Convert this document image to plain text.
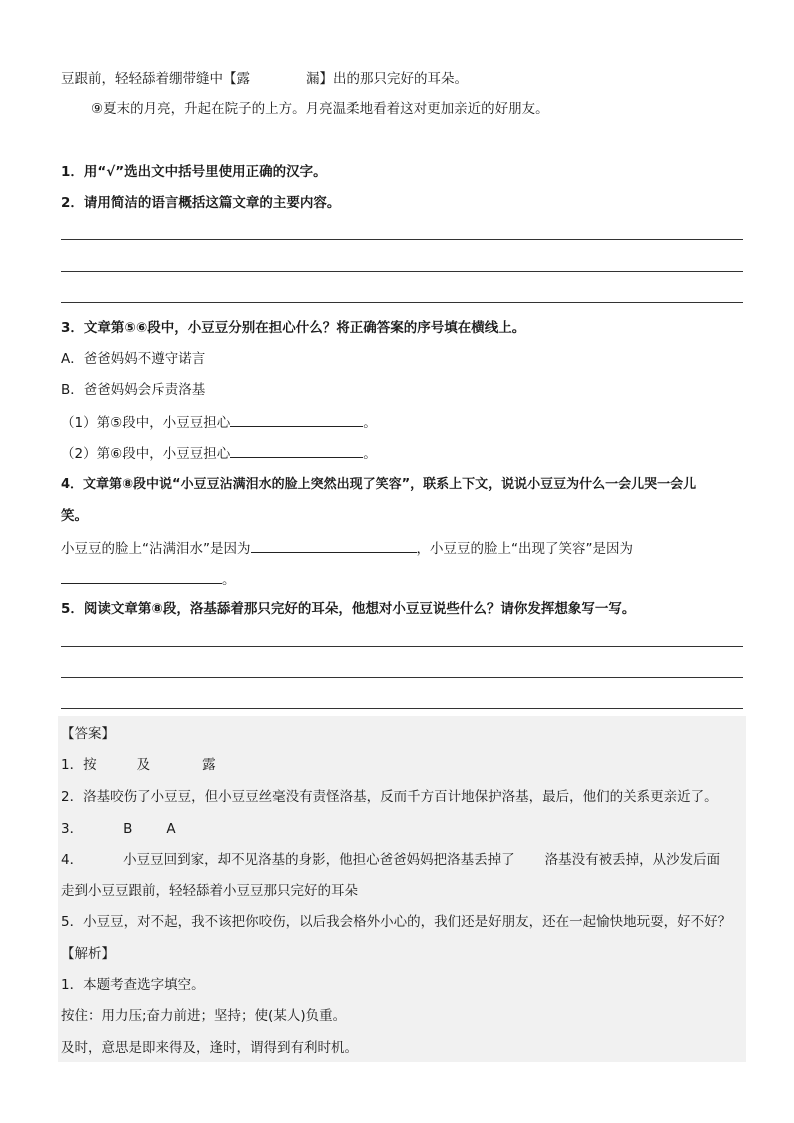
豆跟前，轻轻舔着绷带缝中【露	漏】出的那只完好的耳朵。
⑨夏末的月亮，升起在院子的上方。月亮温柔地看着这对更加亲近的好朋友。
1．用“√”选出文中括号里使用正确的汉字。
2．请用简洁的语言概括这篇文章的主要内容。
3．文章第⑤⑥段中，小豆豆分别在担心什么？将正确答案的序号填在横线上。
A．爸爸妈妈不遵守诺言
B．爸爸妈妈会斥责洛基
（1）第⑤段中，小豆豆担心	。
（2）第⑥段中，小豆豆担心	。
4．文章第⑧段中说“小豆豆沾满泪水的脸上突然出现了笑容”，联系上下文，说说小豆豆为什么一会儿哭一会儿
笑。
小豆豆的脸上“沾满泪水”是因为	，小豆豆的脸上“出现了笑容”是因为
。
5．阅读文章第⑧段，洛基舔着那只完好的耳朵，他想对小豆豆说些什么？请你发挥想象写一写。
【答案】
1．按	及	露
2．洛基咬伤了小豆豆，但小豆豆丝毫没有责怪洛基，反而千方百计地保护洛基，最后，他们的关系更亲近了。
3．	B	A
4．	小豆豆回到家，却不见洛基的身影，他担心爸爸妈妈把洛基丢掉了 洛基没有被丢掉，从沙发后面
走到小豆豆跟前，轻轻舔着小豆豆那只完好的耳朵
5．小豆豆，对不起，我不该把你咬伤，以后我会格外小心的，我们还是好朋友，还在一起愉快地玩耍，好不好？
【解析】
1．本题考查选字填空。
按住：用力压;奋力前进；坚持；使(某人)负重。
及时，意思是即来得及，逢时，谓得到有利时机。
